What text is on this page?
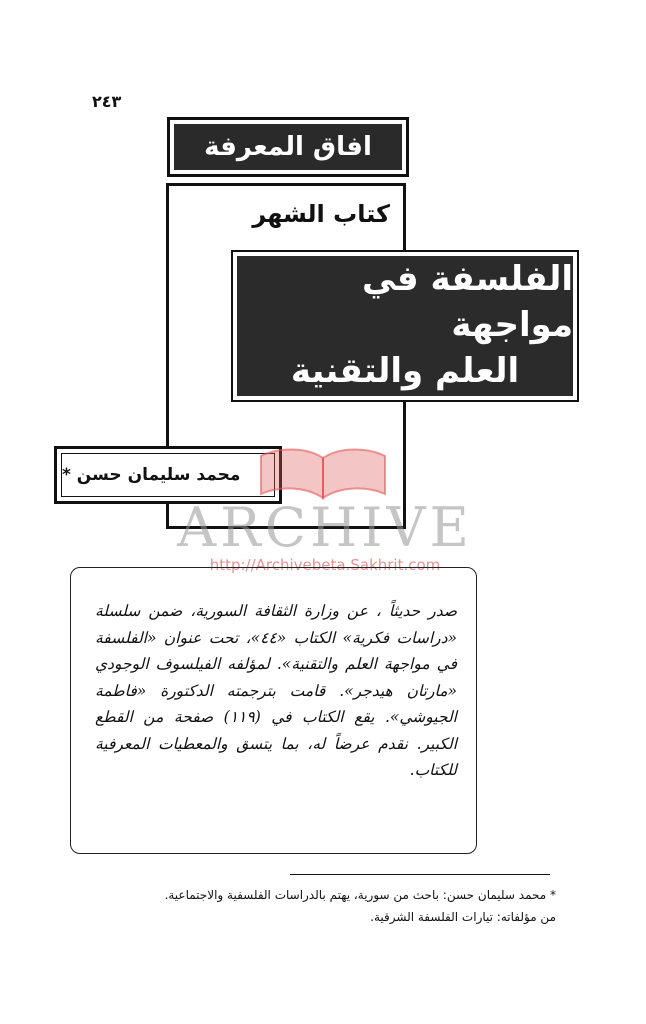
٢٤٣
افاق المعرفة
كتاب الشهر
الفلسفة في مواجهة
العلم والتقنية
محمد سليمان حسن *
ARCHIVE
http://Archivebeta.Sakhrit.com
صدر حديثاً ، عن وزارة الثقافة السورية، ضمن سلسلة «دراسات فكرية» الكتاب «٤٤»، تحت عنوان «الفلسفة في مواجهة العلم والتقنية». لمؤلفه الفيلسوف الوجودي «مارتان هيدجر». قامت بترجمته الدكتورة «فاطمة الجيوشي». يقع الكتاب في (١١٩) صفحة من القطع الكبير. نقدم عرضاً له، بما يتسق والمعطيات المعرفية للكتاب.
* محمد سليمان حسن: باحث من سورية، يهتم بالدراسات الفلسفية والاجتماعية.
من مؤلفاته: تيارات الفلسفة الشرقية.
